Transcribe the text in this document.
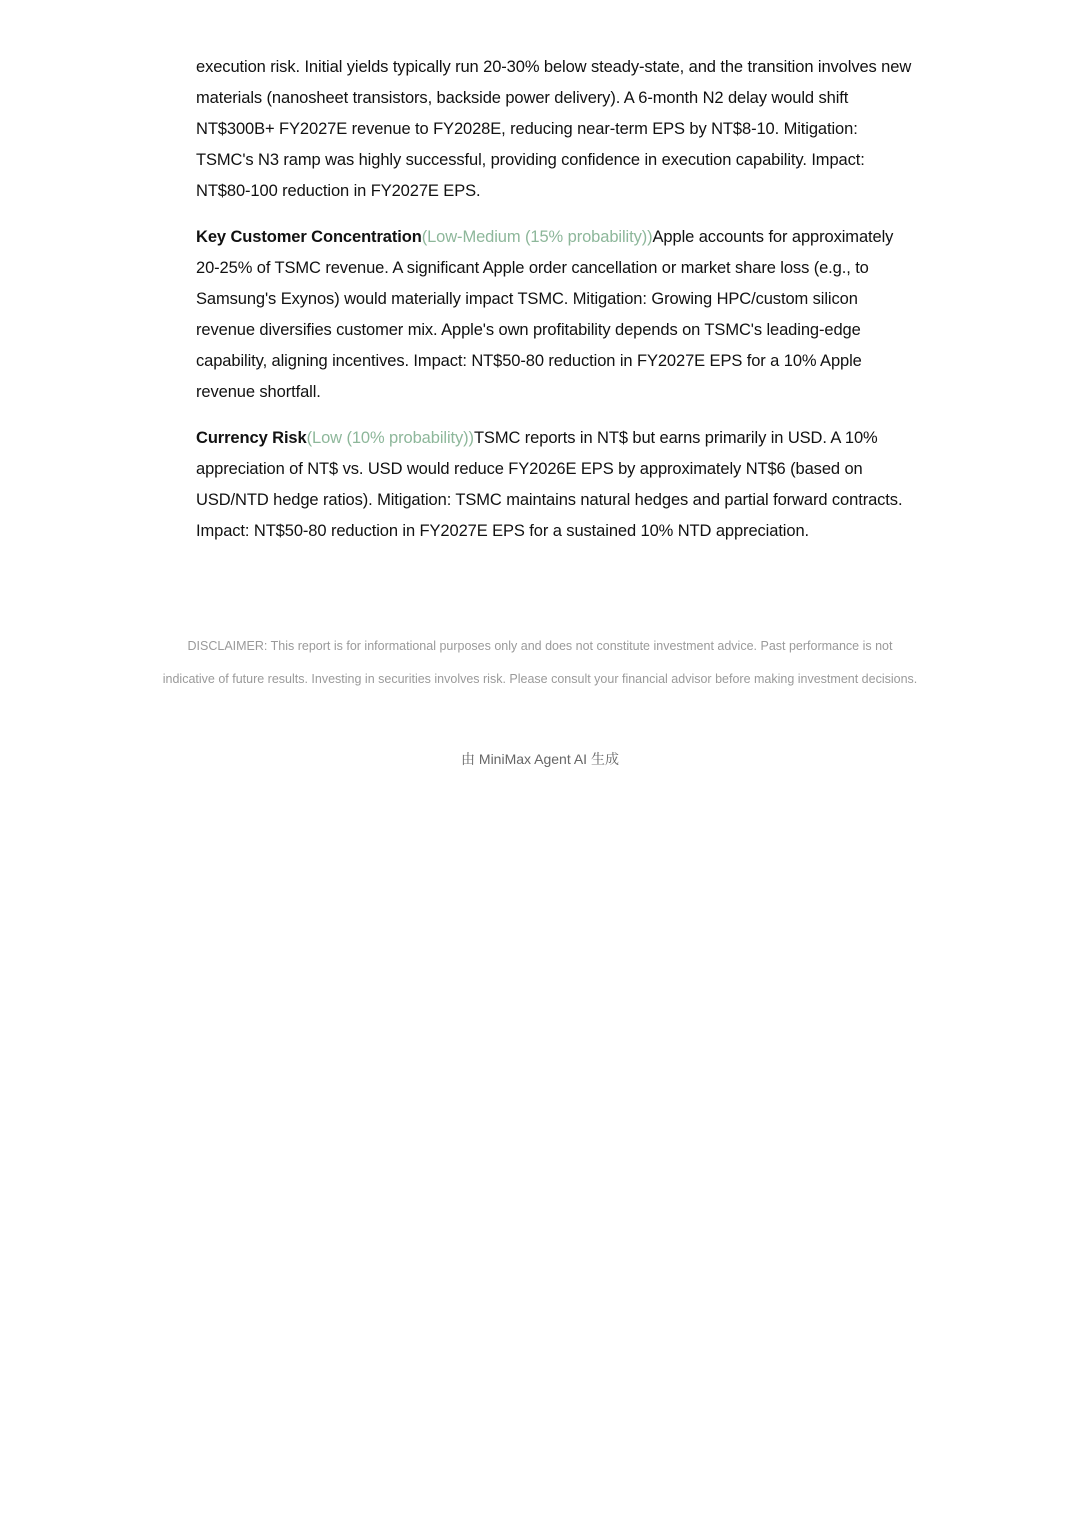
execution risk. Initial yields typically run 20-30% below steady-state, and the transition involves new materials (nanosheet transistors, backside power delivery). A 6-month N2 delay would shift NT$300B+ FY2027E revenue to FY2028E, reducing near-term EPS by NT$8-10. Mitigation: TSMC's N3 ramp was highly successful, providing confidence in execution capability. Impact: NT$80-100 reduction in FY2027E EPS.

Key Customer Concentration(Low-Medium (15% probability))Apple accounts for approximately 20-25% of TSMC revenue. A significant Apple order cancellation or market share loss (e.g., to Samsung's Exynos) would materially impact TSMC. Mitigation: Growing HPC/custom silicon revenue diversifies customer mix. Apple's own profitability depends on TSMC's leading-edge capability, aligning incentives. Impact: NT$50-80 reduction in FY2027E EPS for a 10% Apple revenue shortfall.

Currency Risk(Low (10% probability))TSMC reports in NT$ but earns primarily in USD. A 10% appreciation of NT$ vs. USD would reduce FY2026E EPS by approximately NT$6 (based on USD/NTD hedge ratios). Mitigation: TSMC maintains natural hedges and partial forward contracts. Impact: NT$50-80 reduction in FY2027E EPS for a sustained 10% NTD appreciation.

DISCLAIMER: This report is for informational purposes only and does not constitute investment advice. Past performance is not indicative of future results. Investing in securities involves risk. Please consult your financial advisor before making investment decisions.
由 MiniMax Agent AI 生成
